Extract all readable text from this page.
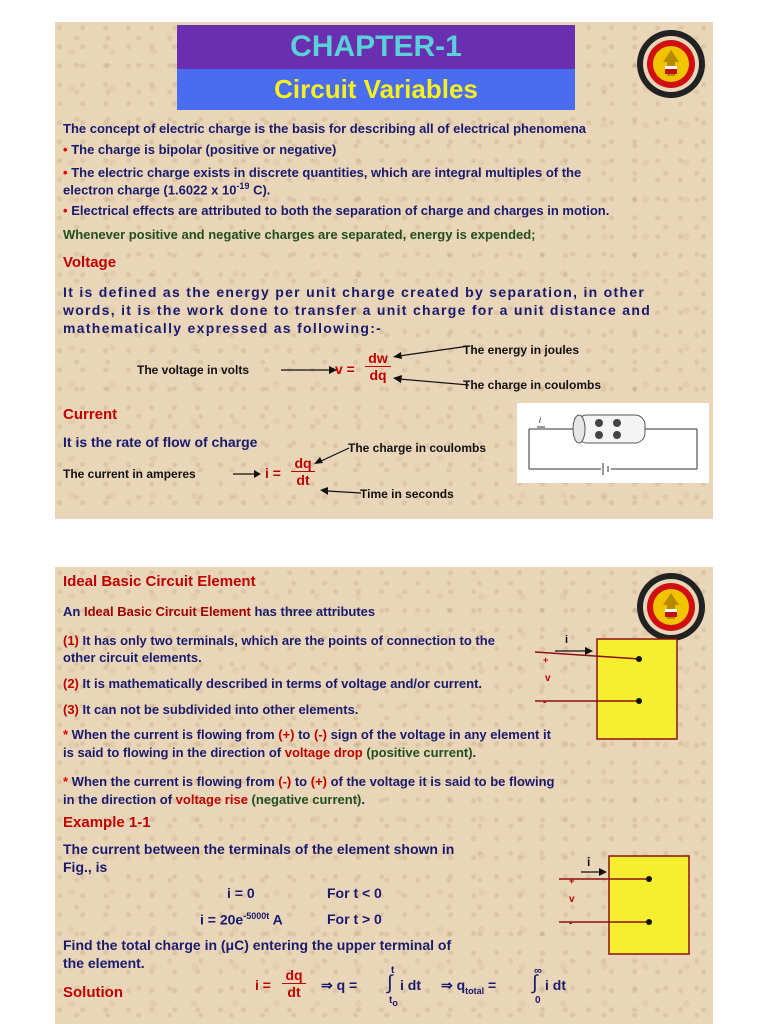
CHAPTER-1
Circuit Variables
The concept of electric charge is the basis for describing all of electrical phenomena
• The charge is bipolar (positive or negative)
• The electric charge exists in discrete quantities, which are integral multiples of the
electron charge (1.6022 x $10^{-19}$ C).
• Electrical effects are attributed to both the separation of charge and charges in motion.
Whenever positive and negative charges are separated, energy is expended;
Voltage
It is defined as the energy per unit charge created by separation, in other
words, it is the work done to transfer a unit charge for a unit distance and
mathematically expressed as following:-
The voltage in volts	$v = \frac{dw}{dq}$	The energy in joules
The charge in coulombs
Current
It is the rate of flow of charge
The current in amperes	$i = \frac{dq}{dt}$
The charge in coulombs
Time in seconds
i
Ideal Basic Circuit Element
An Ideal Basic Circuit Element has three attributes
(1) It has only two terminals, which are the points of connection to the
other circuit elements.
(2) It is mathematically described in terms of voltage and/or current.
(3) It can not be subdivided into other elements.
i
+
v
-
* When the current is flowing from (+) to (-) sign of the voltage in any element it
is said to flowing in the direction of voltage drop (positive current).
* When the current is flowing from (-) to (+) of the voltage it is said to be flowing
in the direction of voltage rise (negative current).
Example 1-1
The current between the terminals of the element shown in
Fig., is
i = 0	For t < 0
$i = 20e^{-5000t}$ A	For t > 0
i
+
v
-
Find the total charge in (μC) entering the upper terminal of
the element.
Solution	$i = \frac{dq}{dt}$ ⇒ q =
t
∫
$t_o$
i dt ⇒ $q_{total}$ =
∞
∫
0
i dt
